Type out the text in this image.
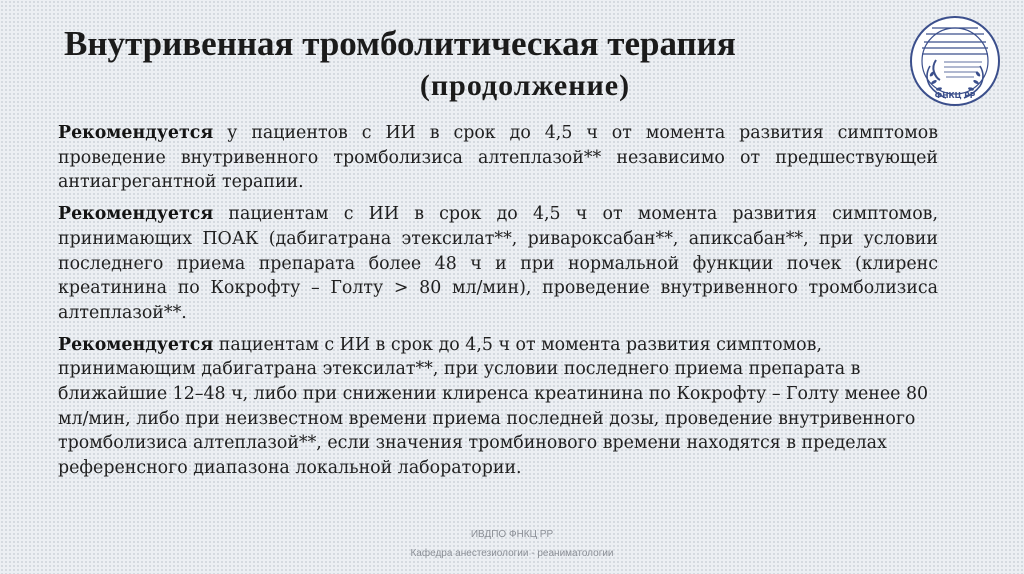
Внутривенная тромболитическая терапия
(продолжение)	ФНКЦ РР

Рекомендуется у пациентов с ИИ в срок до 4,5 ч от момента развития симптомов проведение внутривенного тромболизиса алтеплазой** независимо от предшествующей антиагрегантной терапии.

Рекомендуется пациентам с ИИ в срок до 4,5 ч от момента развития симптомов, принимающих ПОАК (дабигатрана этексилат**, ривароксабан**, апиксабан**, при условии последнего приема препарата более 48 ч и при нормальной функции почек (клиренс креатинина по Кокрофту – Голту > 80 мл/мин), проведение внутривенного тромболизиса алтеплазой**.

Рекомендуется пациентам с ИИ в срок до 4,5 ч от момента развития симптомов, принимающим дабигатрана этексилат**, при условии последнего приема препарата в ближайшие 12–48 ч, либо при снижении клиренса креатинина по Кокрофту – Голту менее 80 мл/мин, либо при неизвестном времени приема последней дозы, проведение внутривенного тромболизиса алтеплазой**, если значения тромбинового времени находятся в пределах референсного диапазона локальной лаборатории.

ИВДПО ФНКЦ РР
Кафедра анестезиологии - реаниматологии
